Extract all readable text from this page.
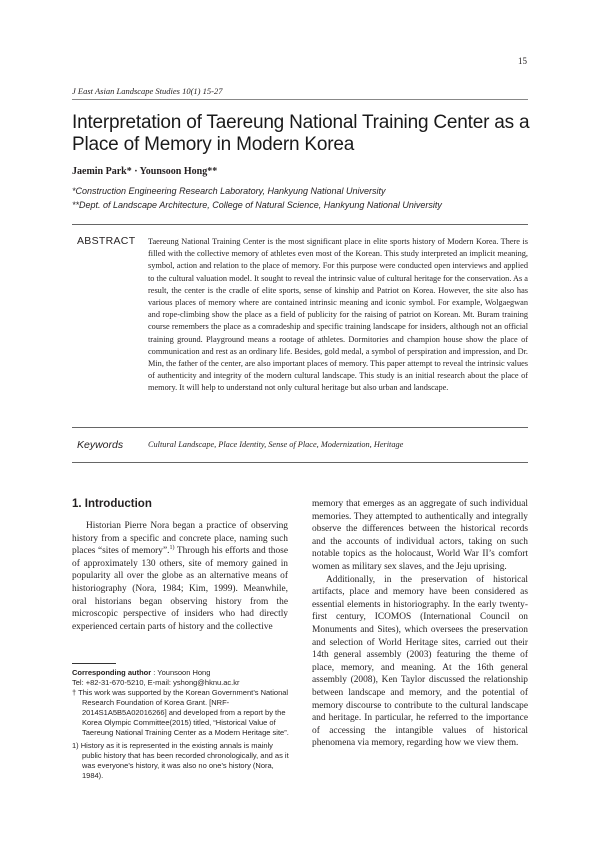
15
J East Asian Landscape Studies 10(1) 15-27
Interpretation of Taereung National Training Center as a Place of Memory in Modern Korea
Jaemin Park* · Younsoon Hong**
*Construction Engineering Research Laboratory, Hankyung National University
**Dept. of Landscape Architecture, College of Natural Science, Hankyung National University
ABSTRACT Taereung National Training Center is the most significant place in elite sports history of Modern Korea. There is filled with the collective memory of athletes even most of the Korean. This study interpreted an implicit meaning, symbol, action and relation to the place of memory. For this purpose were conducted open interviews and applied to the cultural valuation model. It sought to reveal the intrinsic value of cultural heritage for the conservation. As a result, the center is the cradle of elite sports, sense of kinship and Patriot on Korea. However, the site also has various places of memory where are contained intrinsic meaning and iconic symbol. For example, Wolgaegwan and rope-climbing show the place as a field of publicity for the raising of patriot on Korean. Mt. Buram training course remembers the place as a comradeship and specific training landscape for insiders, although not an official training ground. Playground means a rootage of athletes. Dormitories and champion house show the place of communication and rest as an ordinary life. Besides, gold medal, a symbol of perspiration and impression, and Dr. Min, the father of the center, are also important places of memory. This paper attempt to reveal the intrinsic values of authenticity and integrity of the modern cultural landscape. This study is an initial research about the place of memory. It will help to understand not only cultural heritage but also urban and landscape.
Keywords	Cultural Landscape, Place Identity, Sense of Place, Modernization, Heritage
1. Introduction

Historian Pierre Nora began a practice of observing history from a specific and concrete place, naming such places “sites of memory”.$^{1)}$ Through his efforts and those of approximately 130 others, site of memory gained in popularity all over the globe as an alternative means of historiography (Nora, 1984; Kim, 1999). Meanwhile, oral historians began observing history from the microscopic perspective of insiders who had directly experienced certain parts of history and the collective

memory that emerges as an aggregate of such individual memories. They attempted to authentically and integrally observe the differences between the historical records and the accounts of individual actors, taking on such notable topics as the holocaust, World War II’s comfort women as military sex slaves, and the Jeju uprising.

Additionally, in the preservation of historical artifacts, place and memory have been considered as essential elements in historiography. In the early twenty-first century, ICOMOS (International Council on Monuments and Sites), which oversees the preservation and selection of World Heritage sites, carried out their 14th general assembly (2003) featuring the theme of place, memory, and meaning. At the 16th general assembly (2008), Ken Taylor discussed the relationship between landscape and memory, and the potential of memory discourse to contribute to the cultural landscape and heritage. In particular, he referred to the importance of accessing the intangible values of historical phenomena via memory, regarding how we view them.

Corresponding author : Younsoon Hong
Tel: +82-31-670-5210, E-mail: yshong@hknu.ac.kr
† This work was supported by the Korean Government’s National Research Foundation of Korea Grant. [NRF-2014S1A5B5A02016266] and developed from a report by the Korea Olympic Committee(2015) titled, “Historical Value of Taereung National Training Center as a Modern Heritage site”.
1) History as it is represented in the existing annals is mainly public history that has been recorded chronologically, and as it was everyone’s history, it was also no one’s history (Nora, 1984).
